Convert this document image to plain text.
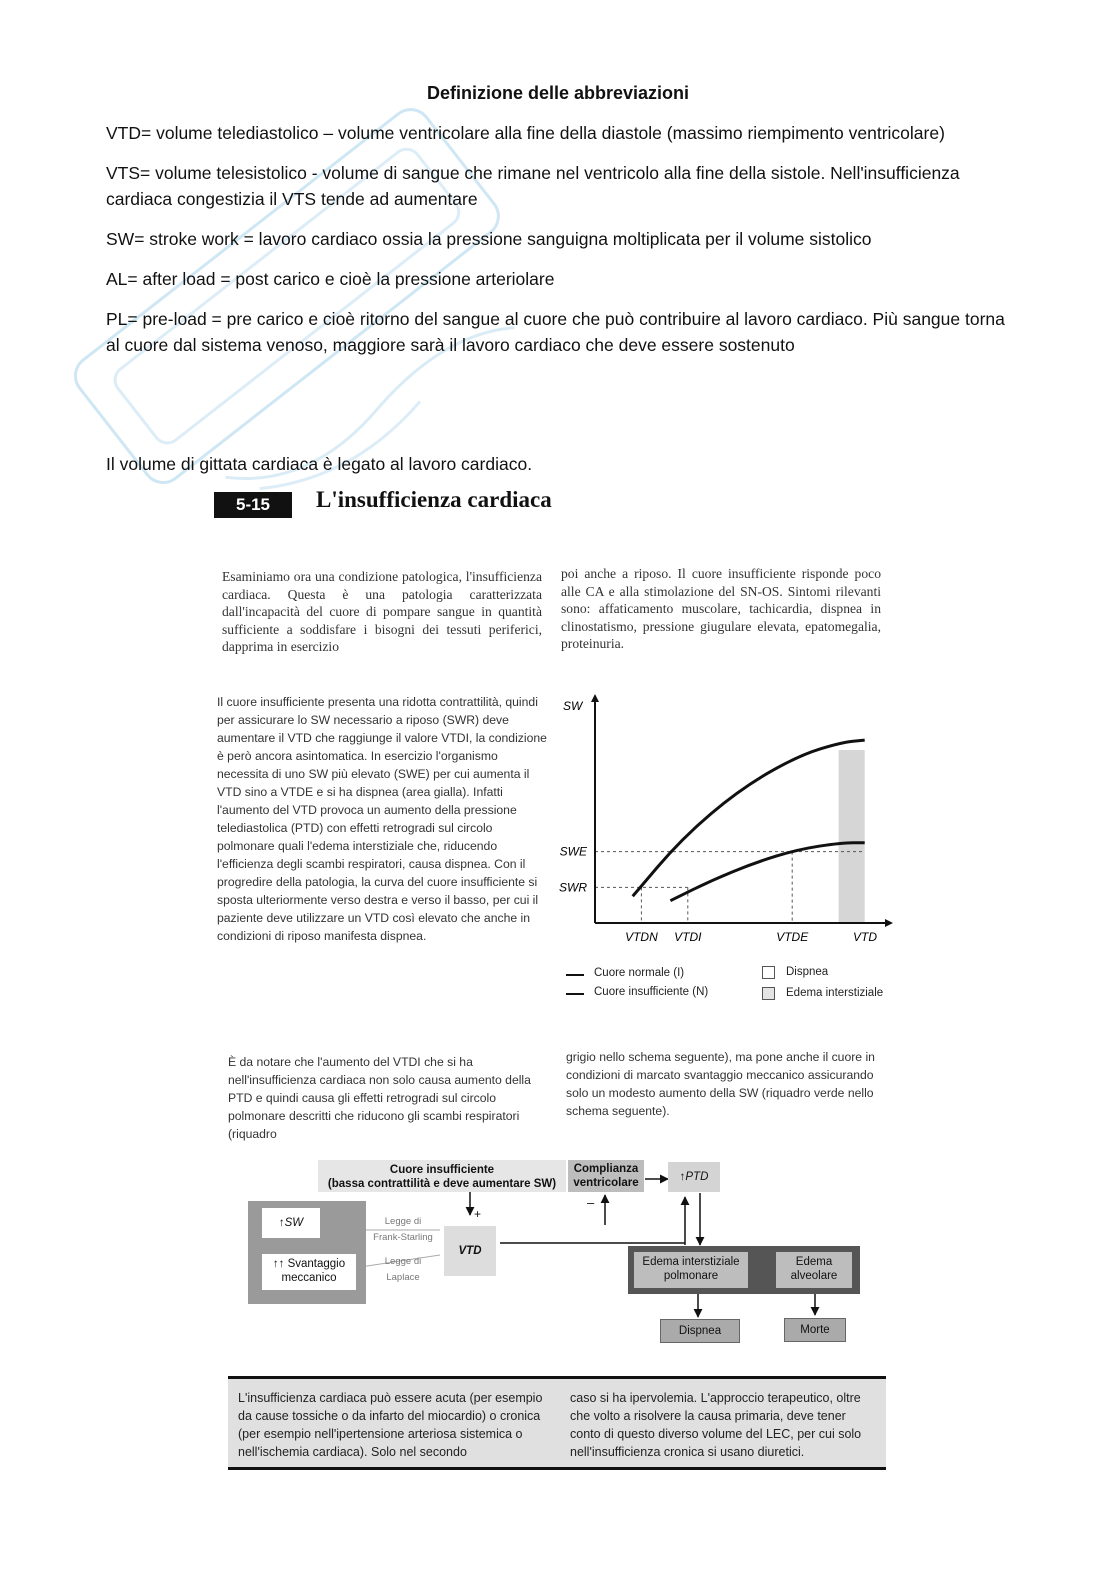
Definizione delle abbreviazioni
VTD= volume telediastolico – volume ventricolare alla fine della diastole (massimo riempimento ventricolare)
VTS= volume telesistolico - volume di sangue che rimane nel ventricolo alla fine della sistole. Nell'insufficienza cardiaca congestizia il VTS tende ad aumentare
SW= stroke work = lavoro cardiaco ossia la pressione sanguigna moltiplicata per il volume sistolico
AL= after load = post carico e cioè la pressione arteriolare
PL= pre-load = pre carico e cioè ritorno del sangue al cuore che può contribuire al lavoro cardiaco. Più sangue torna al cuore dal sistema venoso, maggiore sarà il lavoro cardiaco che deve essere sostenuto
Il volume di gittata cardiaca è legato al lavoro cardiaco.
5-15	L'insufficienza cardiaca
Esaminiamo ora una condizione patologica, l'insufficienza cardiaca. Questa è una patologia caratterizzata dall'incapacità del cuore di pompare sangue in quantità sufficiente a soddisfare i bisogni dei tessuti periferici, dapprima in esercizio
poi anche a riposo. Il cuore insufficiente risponde poco alle CA e alla stimolazione del SN-OS. Sintomi rilevanti sono: affaticamento muscolare, tachicardia, dispnea in clinostatismo, pressione giugulare elevata, epatomegalia, proteinuria.
Il cuore insufficiente presenta una ridotta contrattilità, quindi per assicurare lo SW necessario a riposo (SWR) deve aumentare il VTD che raggiunge il valore VTDI, la condizione è però ancora asintomatica. In esercizio l'organismo necessita di uno SW più elevato (SWE) per cui aumenta il VTD sino a VTDE e si ha dispnea (area gialla). Infatti l'aumento del VTD provoca un aumento della pressione telediastolica (PTD) con effetti retrogradi sul circolo polmonare quali l'edema interstiziale che, riducendo l'efficienza degli scambi respiratori, causa dispnea. Con il progredire della patologia, la curva del cuore insufficiente si sposta ulteriormente verso destra e verso il basso, per cui il paziente deve utilizzare un VTD così elevato che anche in condizioni di riposo manifesta dispnea.
SW
SWE
SWR
VTDN VTDI	VTDE	VTD
Cuore normale (I)
Cuore insufficiente (N)
Dispnea
Edema interstiziale
È da notare che l'aumento del VTDI che si ha nell'insufficienza cardiaca non solo causa aumento della PTD e quindi causa gli effetti retrogradi sul circolo polmonare descritti che riducono gli scambi respiratori (riquadro
grigio nello schema seguente), ma pone anche il cuore in condizioni di marcato svantaggio meccanico assicurando solo un modesto aumento della SW (riquadro verde nello schema seguente).
Cuore insufficiente
(bassa contrattilità e deve aumentare SW)
Complianza
ventricolare	↑PTD
+
–
↑SW
↑↑ Svantaggio
meccanico
Legge di
Frank-Starling
Legge di
Laplace
VTD
Edema interstiziale
polmonare
Edema
alveolare
Dispnea	Morte
L'insufficienza cardiaca può essere acuta (per esempio da cause tossiche o da infarto del miocardio) o cronica (per esempio nell'ipertensione arteriosa sistemica o nell'ischemia cardiaca). Solo nel secondo
caso si ha ipervolemia. L'approccio terapeutico, oltre che volto a risolvere la causa primaria, deve tener conto di questo diverso volume del LEC, per cui solo nell'insufficienza cronica si usano diuretici.
